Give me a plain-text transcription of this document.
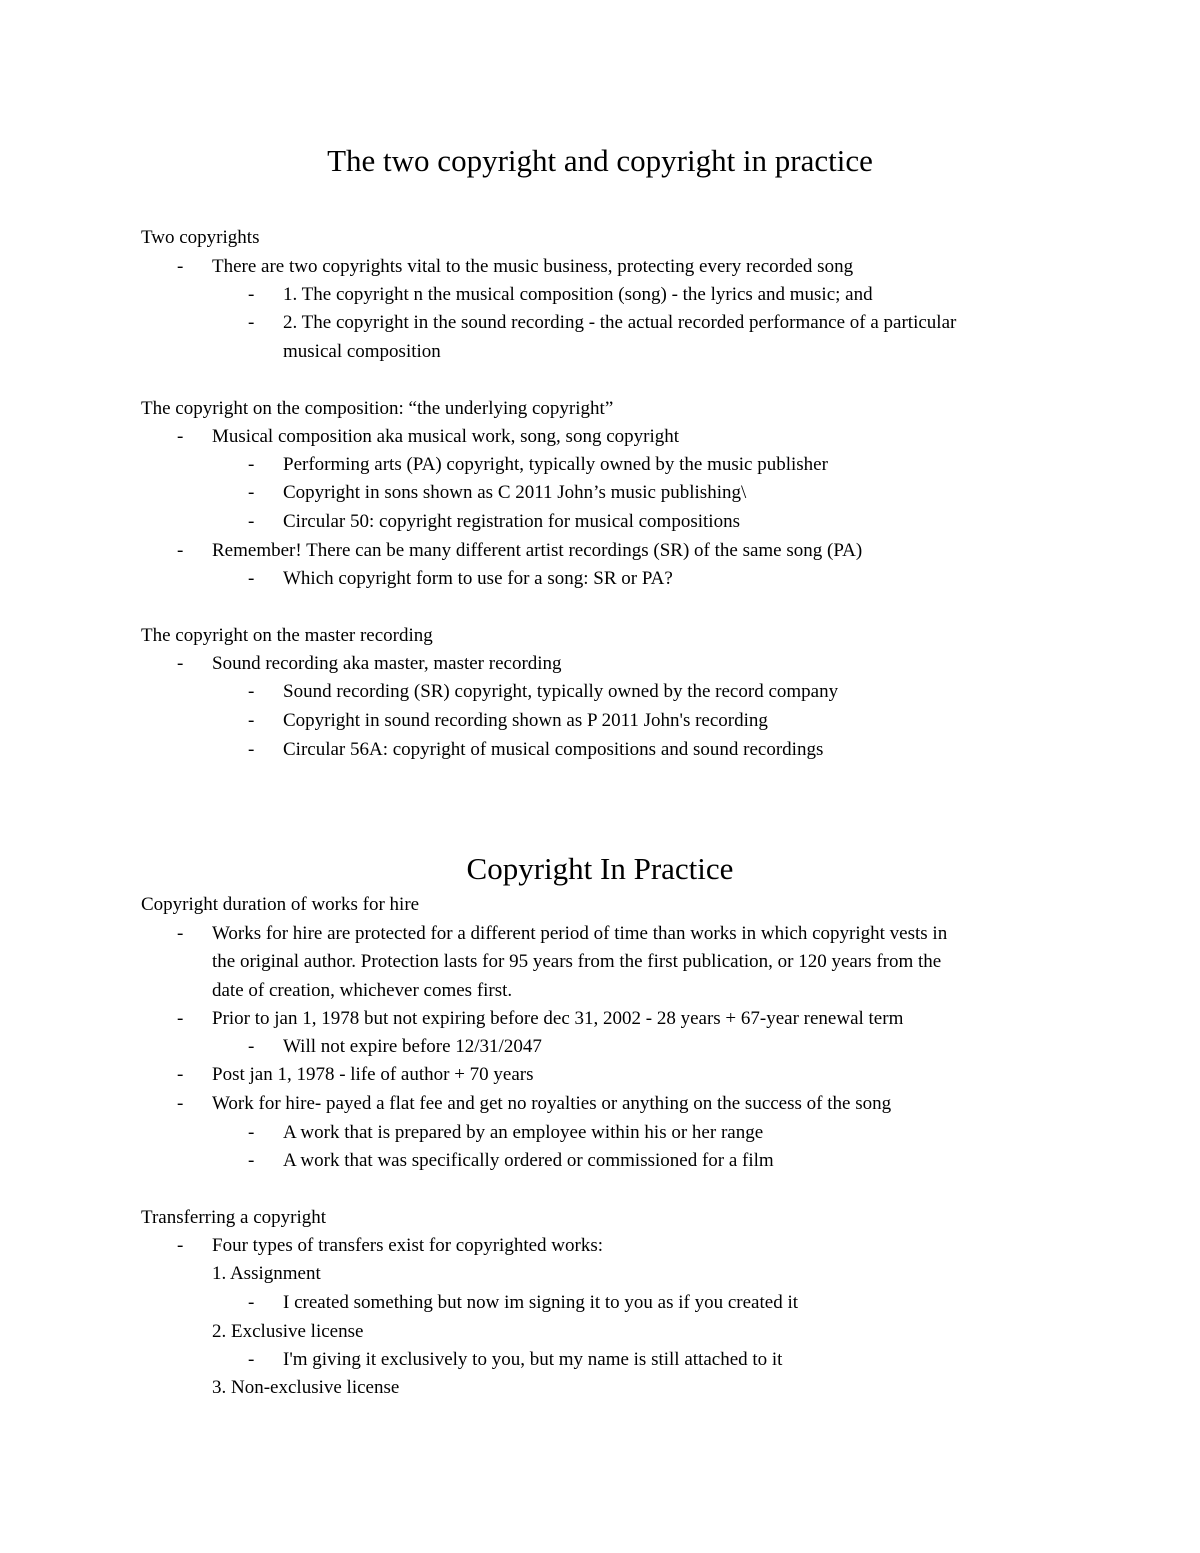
The two copyright and copyright in practice
Two copyrights
- There are two copyrights vital to the music business, protecting every recorded song
- 1. The copyright n the musical composition (song) - the lyrics and music; and
- 2. The copyright in the sound recording - the actual recorded performance of a particular
musical composition
The copyright on the composition: “the underlying copyright”
- Musical composition aka musical work, song, song copyright
- Performing arts (PA) copyright, typically owned by the music publisher
- Copyright in sons shown as C 2011 John’s music publishing\
- Circular 50: copyright registration for musical compositions
- Remember! There can be many different artist recordings (SR) of the same song (PA)
- Which copyright form to use for a song: SR or PA?
The copyright on the master recording
- Sound recording aka master, master recording
- Sound recording (SR) copyright, typically owned by the record company
- Copyright in sound recording shown as P 2011 John's recording
- Circular 56A: copyright of musical compositions and sound recordings
Copyright In Practice
Copyright duration of works for hire
- Works for hire are protected for a different period of time than works in which copyright vests in
the original author. Protection lasts for 95 years from the first publication, or 120 years from the
date of creation, whichever comes first.
- Prior to jan 1, 1978 but not expiring before dec 31, 2002 - 28 years + 67-year renewal term
- Will not expire before 12/31/2047
- Post jan 1, 1978 - life of author + 70 years
- Work for hire- payed a flat fee and get no royalties or anything on the success of the song
- A work that is prepared by an employee within his or her range
- A work that was specifically ordered or commissioned for a film
Transferring a copyright
- Four types of transfers exist for copyrighted works:
1. Assignment
- I created something but now im signing it to you as if you created it
2. Exclusive license
- I'm giving it exclusively to you, but my name is still attached to it
3. Non-exclusive license
